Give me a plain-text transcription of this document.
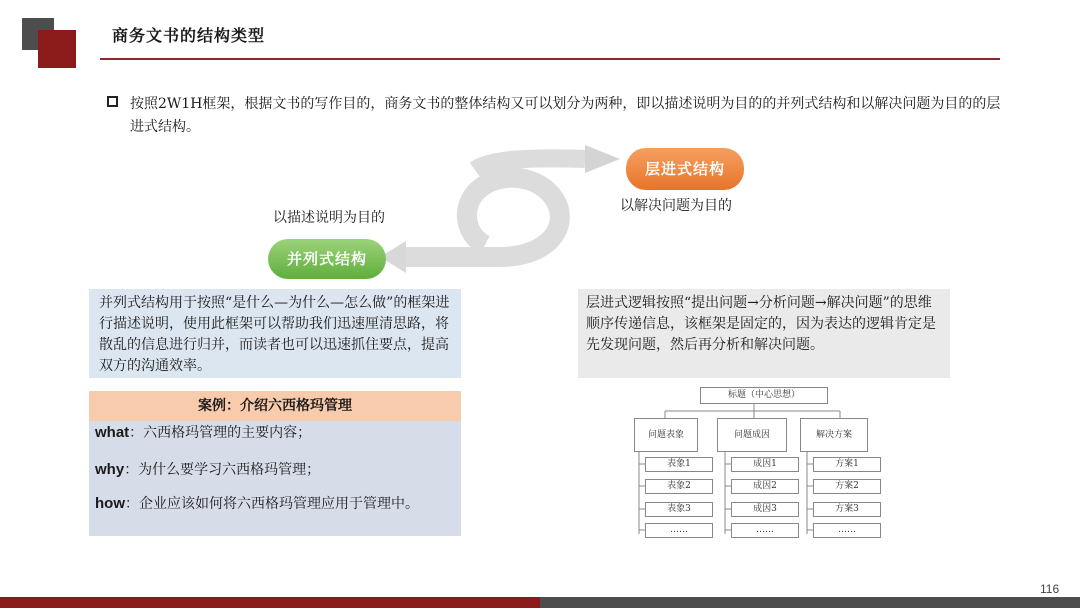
商务文书的结构类型
按照2W1H框架，根据文书的写作目的，商务文书的整体结构又可以划分为两种，即以描述说明为目的的并列式结构和以解决问题为目的的层进式结构。
层进式结构
以解决问题为目的
以描述说明为目的
并列式结构
并列式结构用于按照“是什么—为什么—怎么做”的框架进行描述说明，使用此框架可以帮助我们迅速厘清思路，将散乱的信息进行归并，而读者也可以迅速抓住要点，提高双方的沟通效率。
层进式逻辑按照“提出问题→分析问题→解决问题”的思维顺序传递信息，该框架是固定的，因为表达的逻辑肯定是先发现问题，然后再分析和解决问题。
案例：介绍六西格玛管理
what：六西格玛管理的主要内容；
why：为什么要学习六西格玛管理；
how：企业应该如何将六西格玛管理应用于管理中。
标题（中心思想）
问题表象	问题成因	解决方案
表象1
表象2
表象3
……
成因1
成因2
成因3
……
方案1
方案2
方案3
……
116
